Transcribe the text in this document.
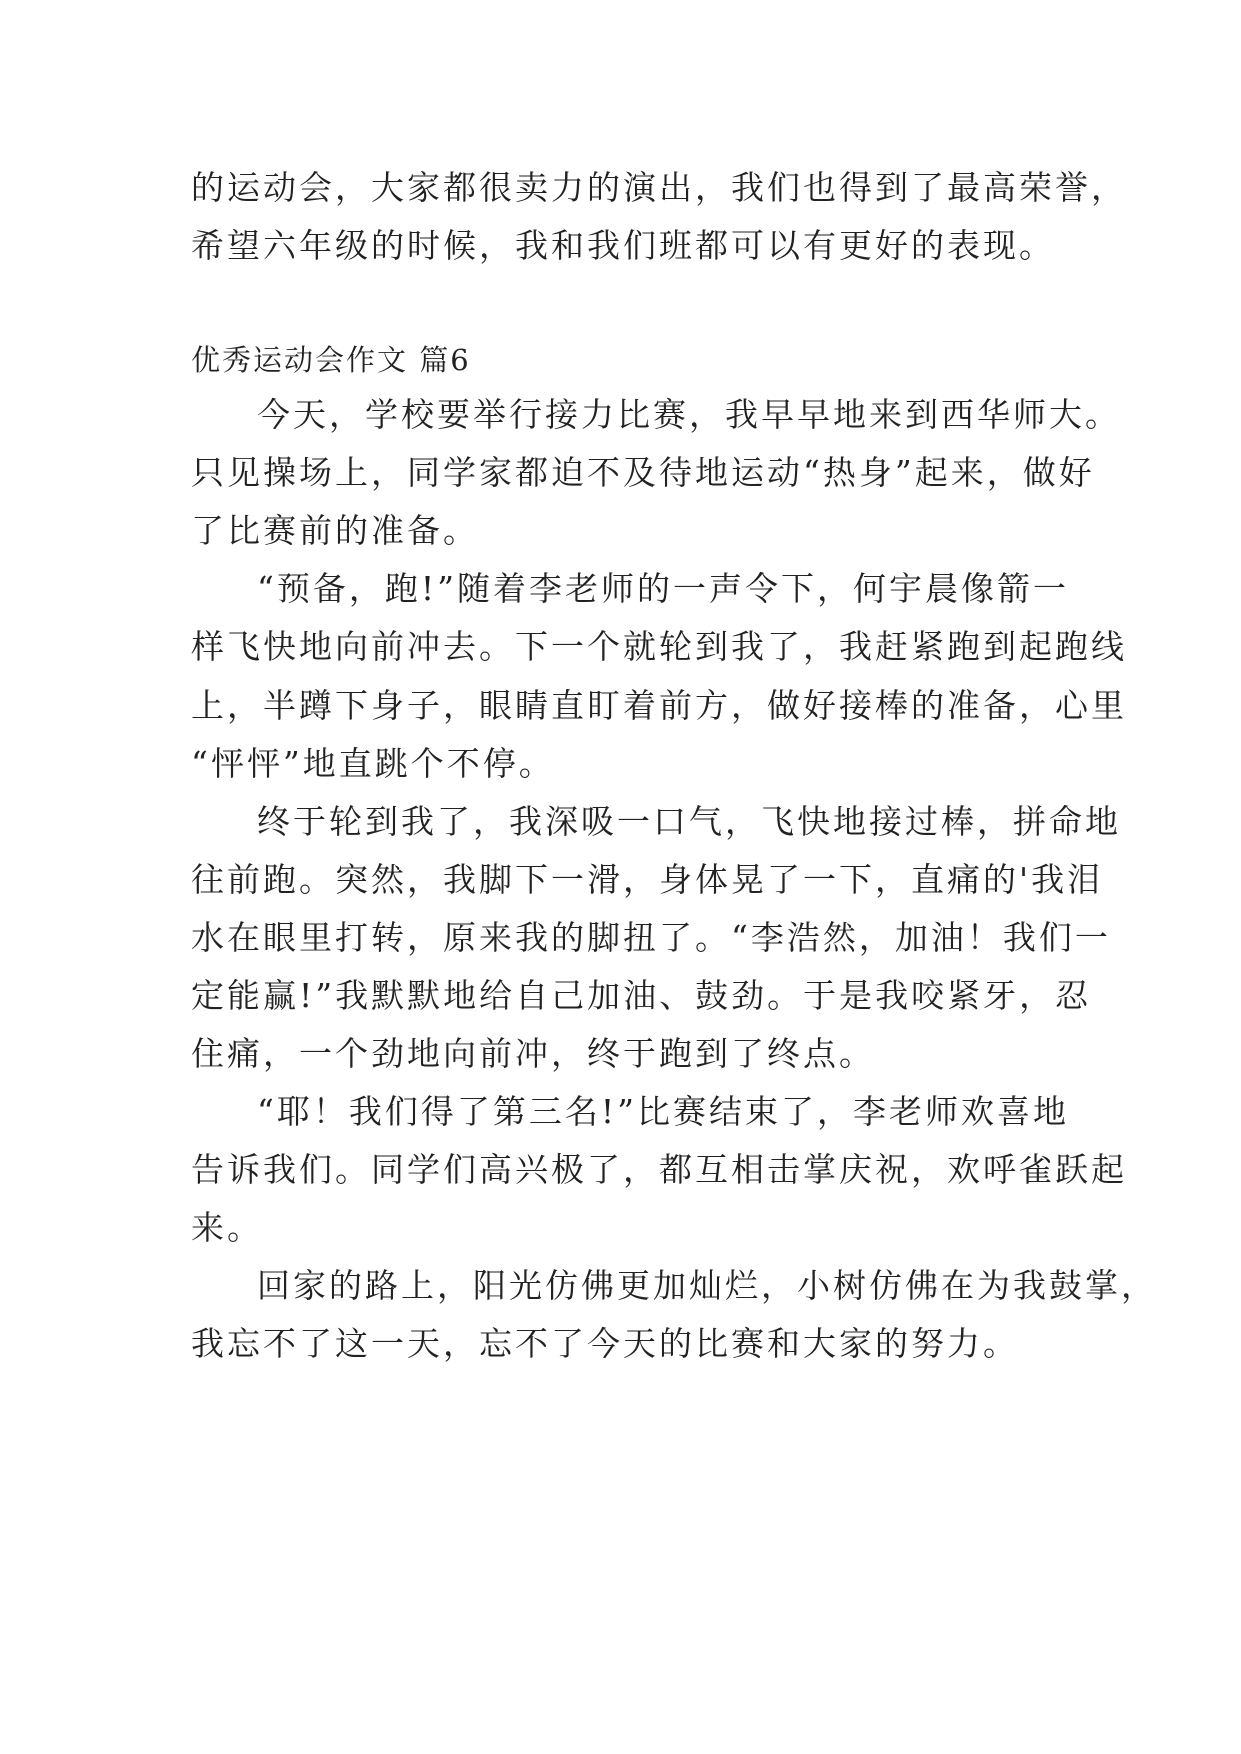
的运动会，大家都很卖力的演出，我们也得到了最高荣誉，
希望六年级的时候，我和我们班都可以有更好的表现。
优秀运动会作文 篇6
今天，学校要举行接力比赛，我早早地来到西华师大。
只见操场上，同学家都迫不及待地运动“热身”起来，做好
了比赛前的准备。
“预备，跑!”随着李老师的一声令下，何宇晨像箭一
样飞快地向前冲去。下一个就轮到我了，我赶紧跑到起跑线
上，半蹲下身子，眼睛直盯着前方，做好接棒的准备，心里
“怦怦”地直跳个不停。
终于轮到我了，我深吸一口气，飞快地接过棒，拼命地
往前跑。突然，我脚下一滑，身体晃了一下，直痛的'我泪
水在眼里打转，原来我的脚扭了。“李浩然，加油！我们一
定能赢!”我默默地给自己加油、鼓劲。于是我咬紧牙，忍
住痛，一个劲地向前冲，终于跑到了终点。
“耶！我们得了第三名!”比赛结束了，李老师欢喜地
告诉我们。同学们高兴极了，都互相击掌庆祝，欢呼雀跃起
来。
回家的路上，阳光仿佛更加灿烂，小树仿佛在为我鼓掌，
我忘不了这一天，忘不了今天的比赛和大家的努力。
